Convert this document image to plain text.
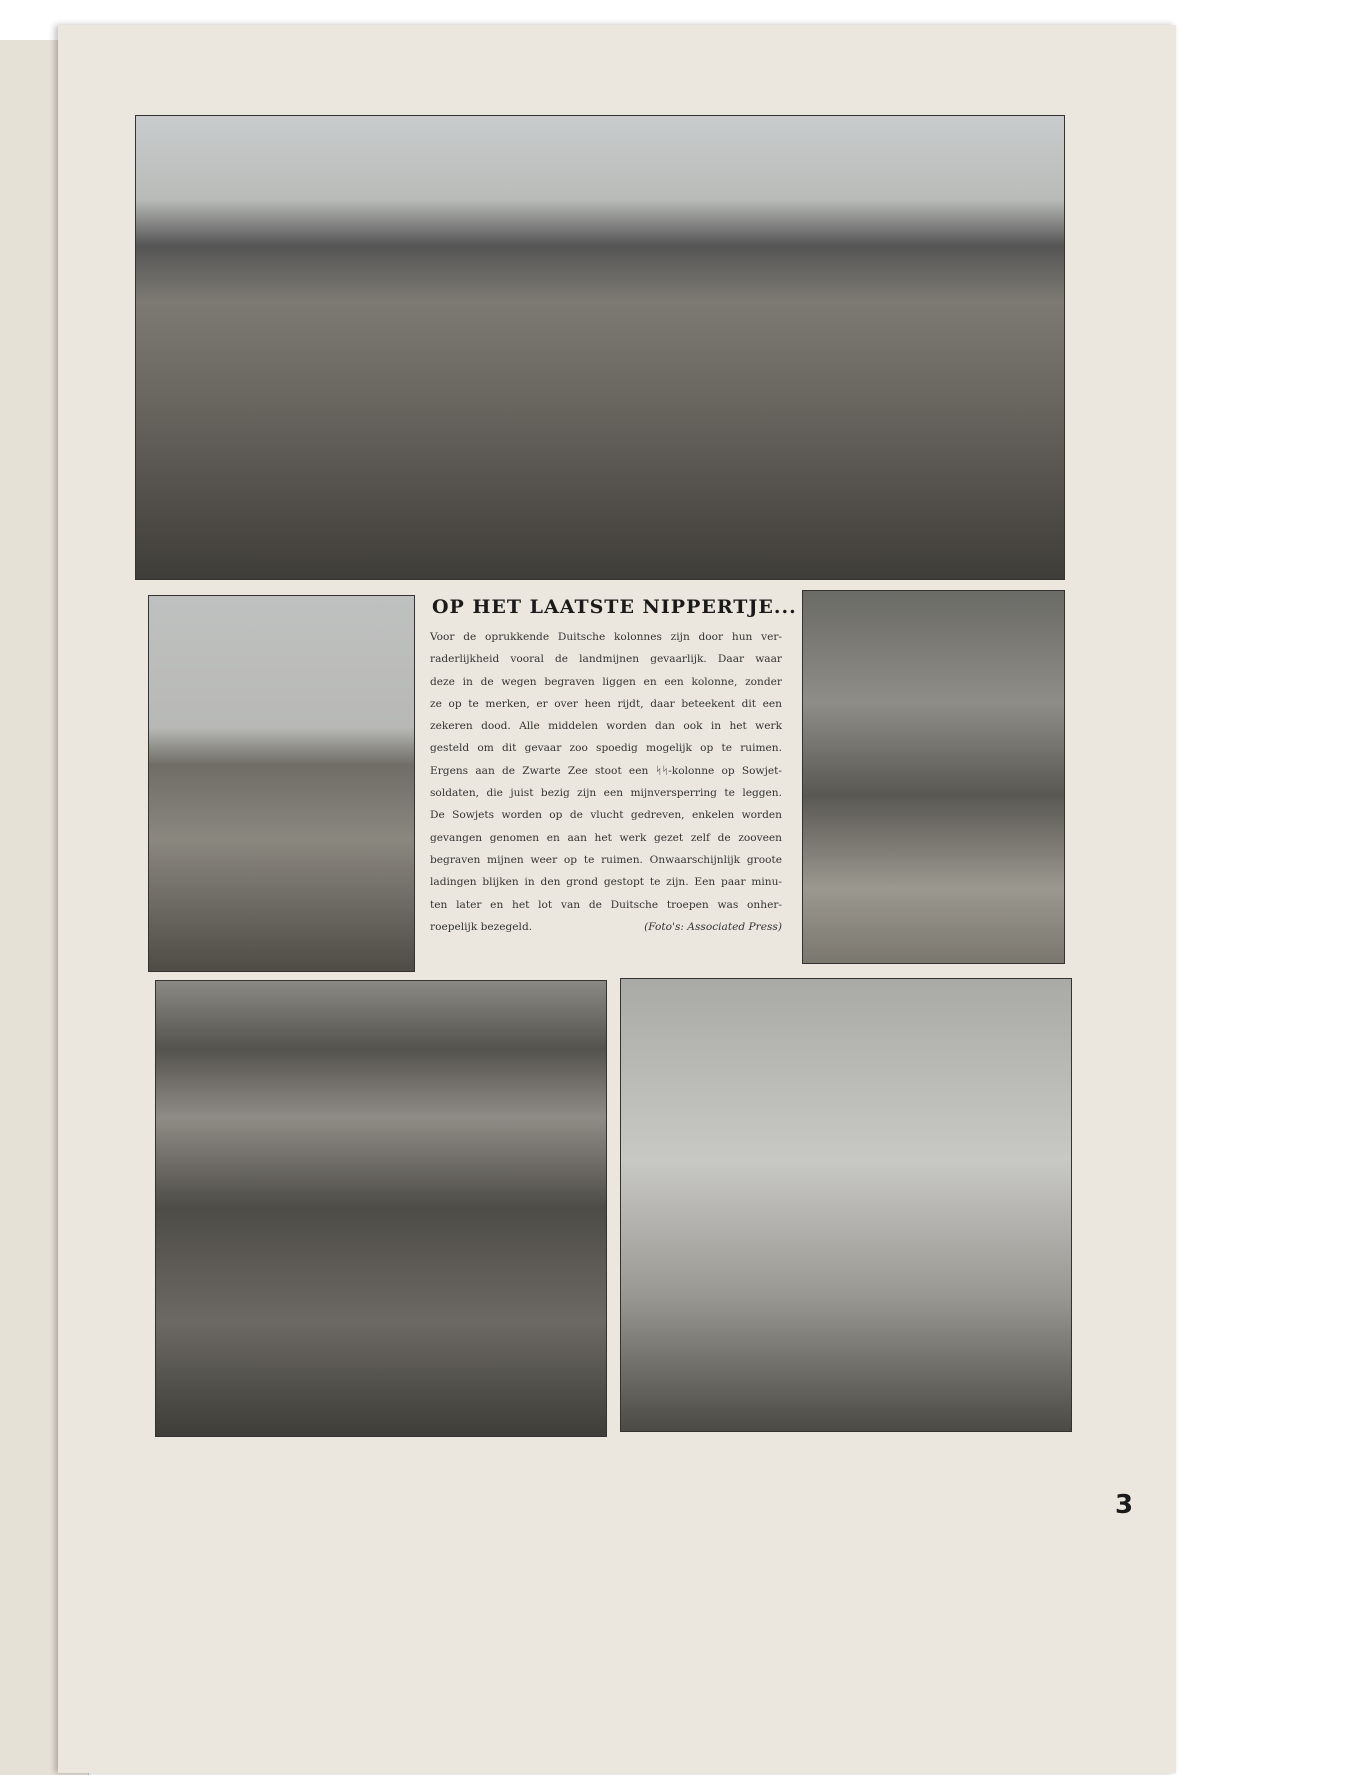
OP HET LAATSTE NIPPERTJE...
Voor de oprukkende Duitsche kolonnes zijn door hun ver-
raderlijkheid vooral de landmijnen gevaarlijk. Daar waar
deze in de wegen begraven liggen en een kolonne, zonder
ze op te merken, er over heen rijdt, daar beteekent dit een
zekeren dood. Alle middelen worden dan ook in het werk
gesteld om dit gevaar zoo spoedig mogelijk op te ruimen.
Ergens aan de Zwarte Zee stoot een ᛋᛋ-kolonne op Sowjet-
soldaten, die juist bezig zijn een mijnversperring te leggen.
De Sowjets worden op de vlucht gedreven, enkelen worden
gevangen genomen en aan het werk gezet zelf de zooveen
begraven mijnen weer op te ruimen. Onwaarschijnlijk groote
ladingen blijken in den grond gestopt te zijn. Een paar minu-
ten later en het lot van de Duitsche troepen was onher-
roepelijk bezegeld.	(Foto's: Associated Press)
3
